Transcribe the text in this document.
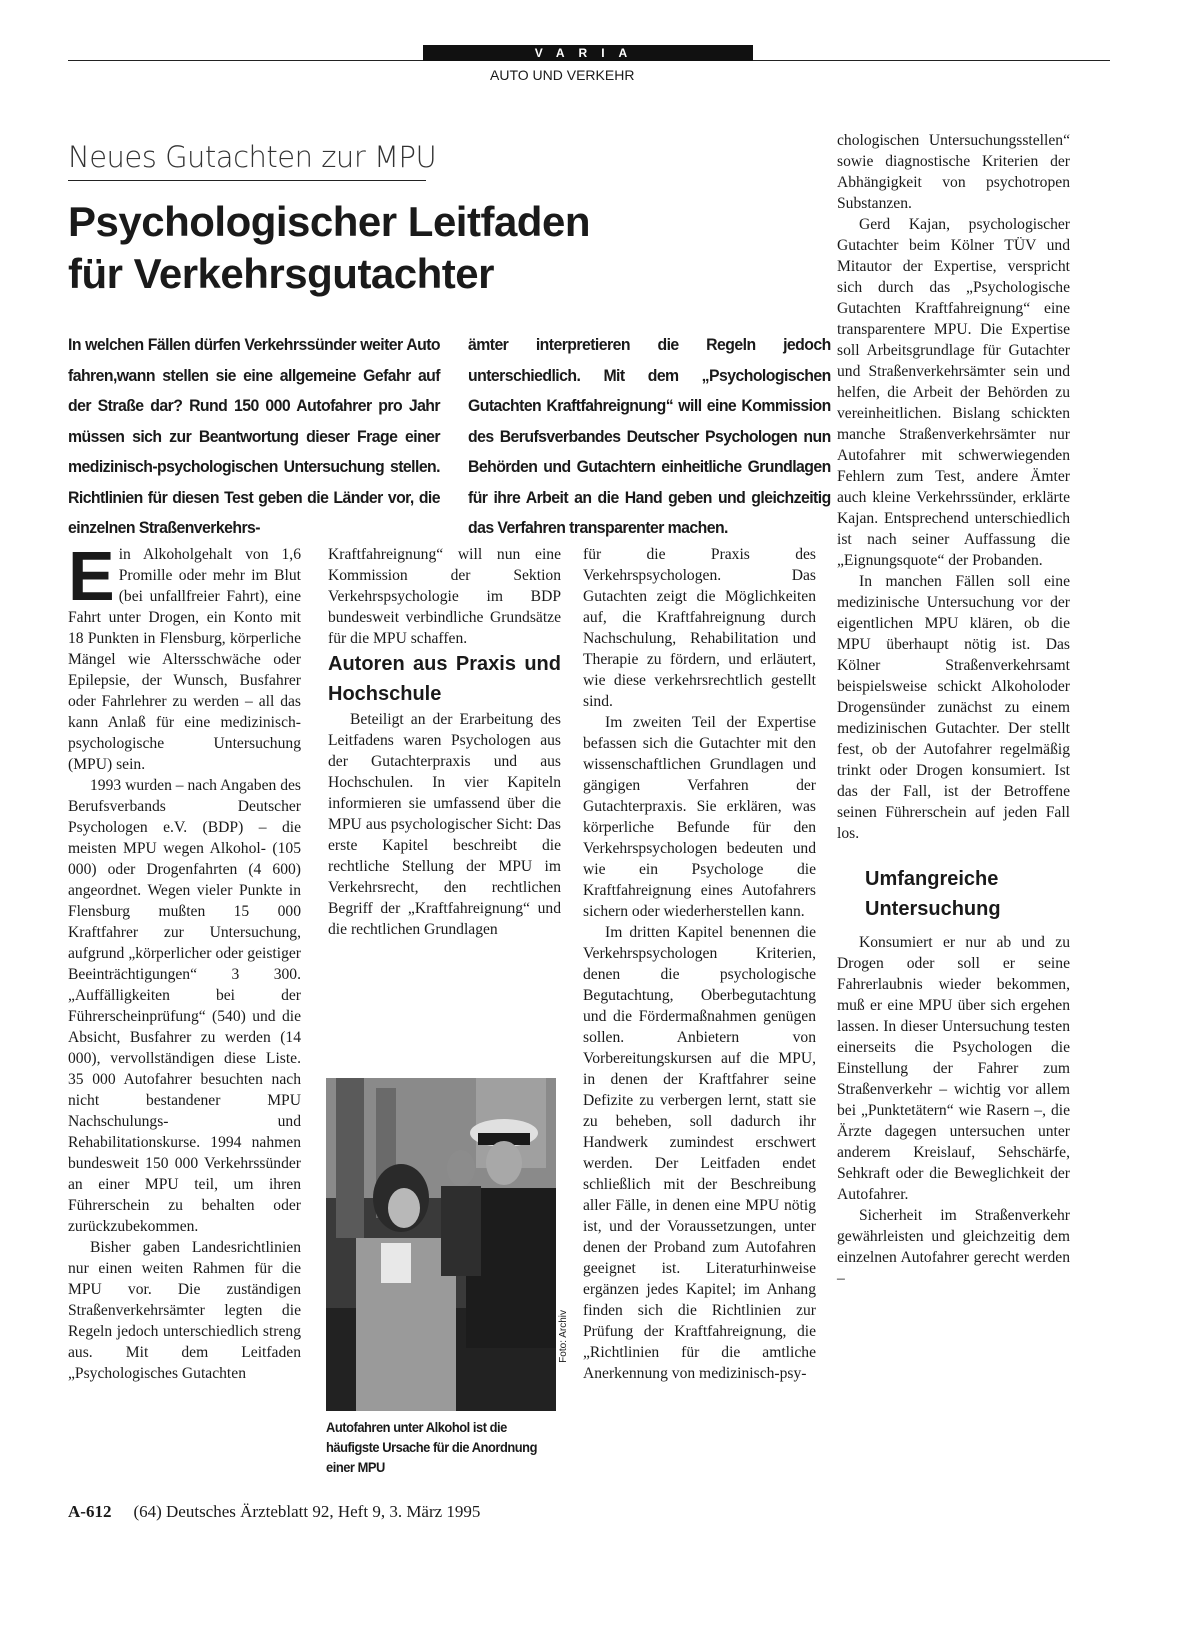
VARIA
AUTO UND VERKEHR
Neues Gutachten zur MPU
Psychologischer Leitfaden
für Verkehrsgutachter

In welchen Fällen dürfen Verkehrssünder weiter Auto fahren,wann stellen sie eine allgemeine Gefahr auf der Straße dar? Rund 150 000 Autofahrer pro Jahr müssen sich zur Beantwortung dieser Frage einer medizinisch-psychologischen Untersuchung stellen. Richtlinien für diesen Test geben die Länder vor, die einzelnen Straßenverkehrs-

ämter interpretieren die Regeln jedoch unterschiedlich. Mit dem „Psychologischen Gutachten Kraftfahreignung“ will eine Kommission des Berufsverbandes Deutscher Psychologen nun Behörden und Gutachtern einheitliche Grundlagen für ihre Arbeit an die Hand geben und gleichzeitig das Verfahren transparenter machen.

Ein Alkoholgehalt von 1,6 Promille oder mehr im Blut (bei unfallfreier Fahrt), eine Fahrt unter Drogen, ein Konto mit 18 Punkten in Flensburg, körperliche Mängel wie Altersschwäche oder Epilepsie, der Wunsch, Busfahrer oder Fahrlehrer zu werden – all das kann Anlaß für eine medizinisch-psychologische Untersuchung (MPU) sein.

1993 wurden – nach Angaben des Berufsverbands Deutscher Psychologen e.V. (BDP) – die meisten MPU wegen Alkohol- (105 000) oder Drogenfahrten (4 600) angeordnet. Wegen vieler Punkte in Flensburg mußten 15 000 Kraftfahrer zur Untersuchung, aufgrund „körperlicher oder geistiger Beeinträchtigungen“ 3 300. „Auffälligkeiten bei der Führerscheinprüfung“ (540) und die Absicht, Busfahrer zu werden (14 000), vervollständigen diese Liste. 35 000 Autofahrer besuchten nach nicht bestandener MPU Nachschulungs- und Rehabilitationskurse. 1994 nahmen bundesweit 150 000 Verkehrssünder an einer MPU teil, um ihren Führerschein zu behalten oder zurückzubekommen.

Bisher gaben Landesrichtlinien nur einen weiten Rahmen für die MPU vor. Die zuständigen Straßenverkehrsämter legten die Regeln jedoch unterschiedlich streng aus. Mit dem Leitfaden „Psychologisches Gutachten

Kraftfahreignung“ will nun eine Kommission der Sektion Verkehrspsychologie im BDP bundesweit verbindliche Grundsätze für die MPU schaffen.

Autoren aus Praxis und Hochschule

Beteiligt an der Erarbeitung des Leitfadens waren Psychologen aus der Gutachterpraxis und aus Hochschulen. In vier Kapiteln informieren sie umfassend über die MPU aus psychologischer Sicht: Das erste Kapitel beschreibt die rechtliche Stellung der MPU im Verkehrsrecht, den rechtlichen Begriff der „Kraftfahreignung“ und die rechtlichen Grundlagen

Foto: Archiv
Autofahren unter Alkohol ist die häufigste Ursache für die Anordnung einer MPU

für die Praxis des Verkehrspsychologen. Das Gutachten zeigt die Möglichkeiten auf, die Kraftfahreignung durch Nachschulung, Rehabilitation und Therapie zu fördern, und erläutert, wie diese verkehrsrechtlich gestellt sind.

Im zweiten Teil der Expertise befassen sich die Gutachter mit den wissenschaftlichen Grundlagen und gängigen Verfahren der Gutachterpraxis. Sie erklären, was körperliche Befunde für den Verkehrspsychologen bedeuten und wie ein Psychologe die Kraftfahreignung eines Autofahrers sichern oder wiederherstellen kann.

Im dritten Kapitel benennen die Verkehrspsychologen Kriterien, denen die psychologische Begutachtung, Oberbegutachtung und die Fördermaßnahmen genügen sollen. Anbietern von Vorbereitungskursen auf die MPU, in denen der Kraftfahrer seine Defizite zu verbergen lernt, statt sie zu beheben, soll dadurch ihr Handwerk zumindest erschwert werden. Der Leitfaden endet schließlich mit der Beschreibung aller Fälle, in denen eine MPU nötig ist, und der Voraussetzungen, unter denen der Proband zum Autofahren geeignet ist. Literaturhinweise ergänzen jedes Kapitel; im Anhang finden sich die Richtlinien zur Prüfung der Kraftfahreignung, die „Richtlinien für die amtliche Anerkennung von medizinisch-psy-

chologischen Untersuchungsstellen“ sowie diagnostische Kriterien der Abhängigkeit von psychotropen Substanzen.

Gerd Kajan, psychologischer Gutachter beim Kölner TÜV und Mitautor der Expertise, verspricht sich durch das „Psychologische Gutachten Kraftfahreignung“ eine transparentere MPU. Die Expertise soll Arbeitsgrundlage für Gutachter und Straßenverkehrsämter sein und helfen, die Arbeit der Behörden zu vereinheitlichen. Bislang schickten manche Straßenverkehrsämter nur Autofahrer mit schwerwiegenden Fehlern zum Test, andere Ämter auch kleine Verkehrssünder, erklärte Kajan. Entsprechend unterschiedlich ist nach seiner Auffassung die „Eignungsquote“ der Probanden.

In manchen Fällen soll eine medizinische Untersuchung vor der eigentlichen MPU klären, ob die MPU überhaupt nötig ist. Das Kölner Straßenverkehrsamt beispielsweise schickt Alkoholoder Drogensünder zunächst zu einem medizinischen Gutachter. Der stellt fest, ob der Autofahrer regelmäßig trinkt oder Drogen konsumiert. Ist das der Fall, ist der Betroffene seinen Führerschein auf jeden Fall los.

Umfangreiche Untersuchung

Konsumiert er nur ab und zu Drogen oder soll er seine Fahrerlaubnis wieder bekommen, muß er eine MPU über sich ergehen lassen. In dieser Untersuchung testen einerseits die Psychologen die Einstellung der Fahrer zum Straßenverkehr – wichtig vor allem bei „Punktetätern“ wie Rasern –, die Ärzte dagegen untersuchen unter anderem Kreislauf, Sehschärfe, Sehkraft oder die Beweglichkeit der Autofahrer.

Sicherheit im Straßenverkehr gewährleisten und gleichzeitig dem einzelnen Autofahrer gerecht werden –

A-612 (64) Deutsches Ärzteblatt 92, Heft 9, 3. März 1995
